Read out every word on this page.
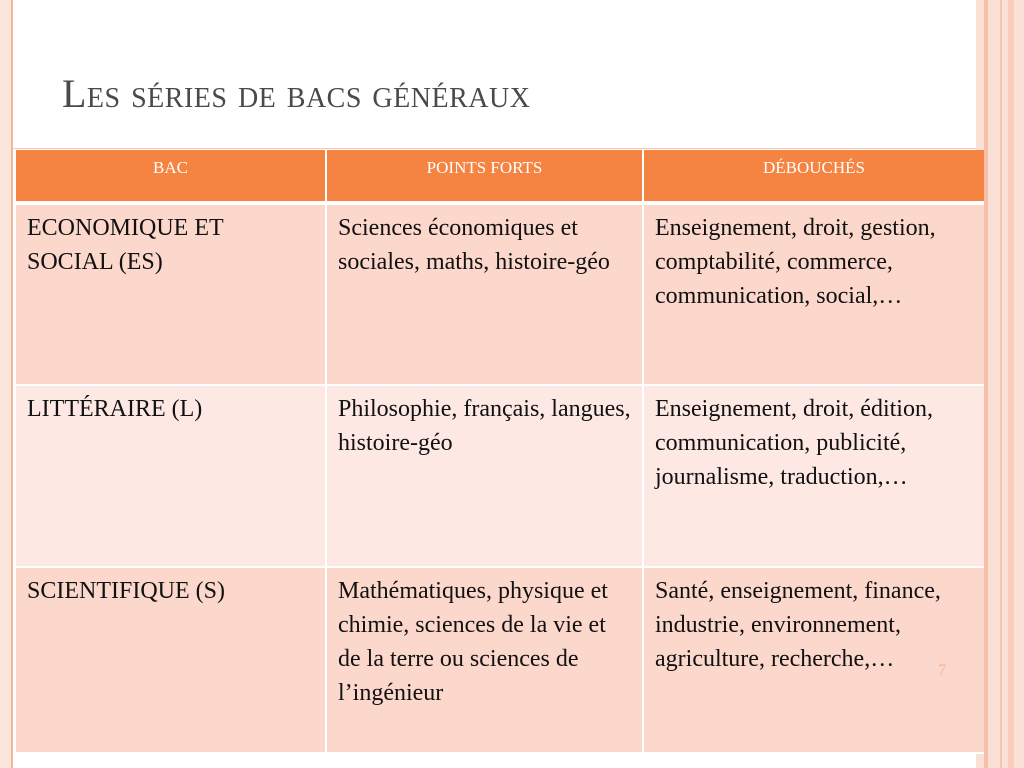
Les séries de bacs généraux
BAC	POINTS FORTS	DÉBOUCHÉS
ECONOMIQUE ET SOCIAL (ES)	Sciences économiques et sociales, maths, histoire-géo	Enseignement, droit, gestion, comptabilité, commerce, communication, social,…
LITTÉRAIRE (L)	Philosophie, français, langues, histoire-géo	Enseignement, droit, édition, communication, publicité, journalisme, traduction,…
SCIENTIFIQUE (S)	Mathématiques, physique et chimie, sciences de la vie et de la terre ou sciences de l’ingénieur	Santé, enseignement, finance, industrie, environnement, agriculture, recherche,…	7
